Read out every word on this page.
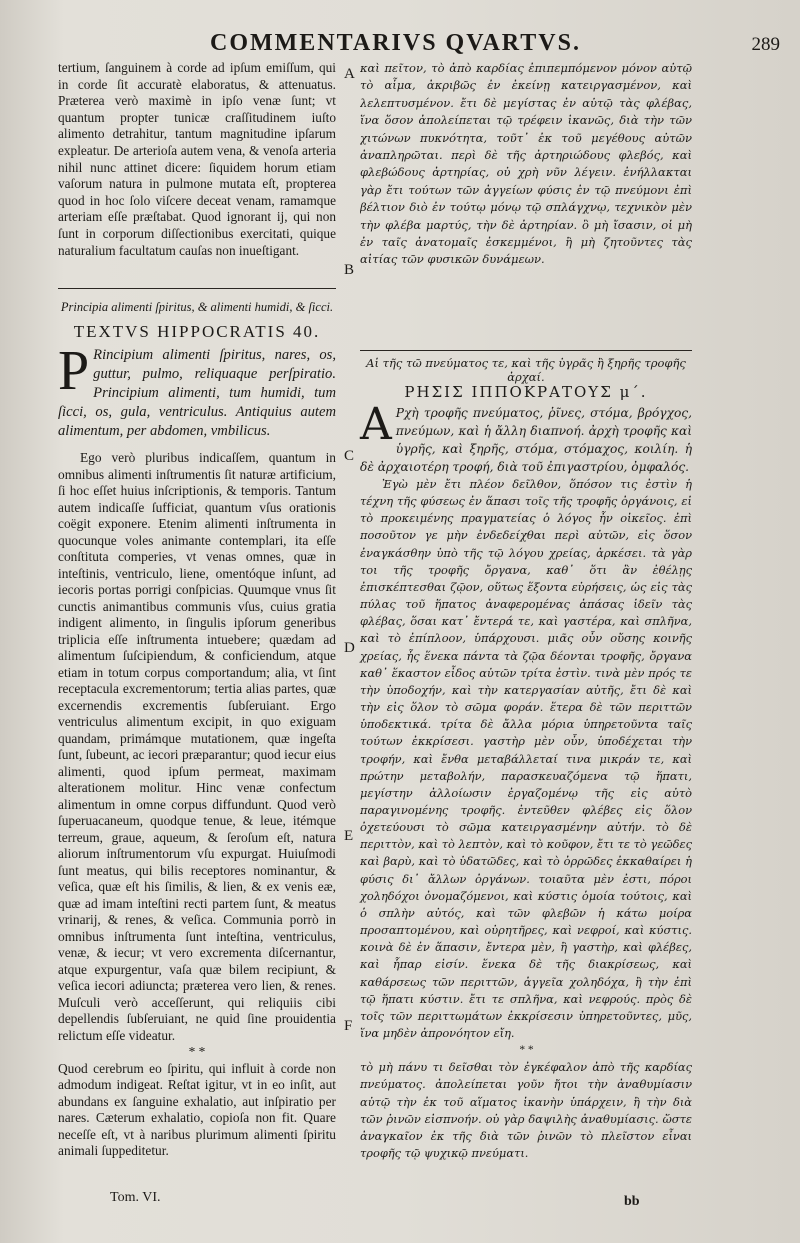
COMMENTARIVS QVARTVS.	289

tertium, ſanguinem à corde ad ipſum emiſſum, qui in corde ſit accuratè elaboratus, & attenuatus. Præterea verò maximè in ipſo venæ ſunt; vt quantum propter tunicæ craſſitudinem iuſto alimento detrahitur, tantum magnitudine ipſarum expleatur. De arterioſa autem vena, & venoſa arteria nihil nunc attinet dicere: ſiquidem horum etiam vaſorum natura in pulmone mutata eſt, propterea quod in hoc ſolo viſcere deceat venam, ramamque arteriam eſſe præſtabat. Quod ignorant ij, qui non ſunt in corporum diſſectionibus exercitati, quique naturalium facultatum cauſas non inueſtigant.

Principia alimenti ſpiritus, & alimenti humidi, & ſicci.
TEXTVS HIPPOCRATIS 40.
P Rincipium alimenti ſpiritus, nares, os, guttur, pulmo, reliquaque perſpiratio. Principium alimenti, tum humidi, tum ſicci, os, gula, ventriculus. Antiquius autem alimentum, per abdomen, vmbilicus.

Ego verò pluribus indicaſſem, quantum in omnibus alimenti inſtrumentis ſit naturæ artificium, ſi hoc eſſet huius inſcriptionis, & temporis. Tantum autem indicaſſe ſufficiat, quantum vſus orationis coëgit exponere. Etenim alimenti inſtrumenta in quocunque voles animante contemplari, ita eſſe conſtituta comperies, vt venas omnes, quæ in inteſtinis, ventriculo, liene, omentóque inſunt, ad iecoris portas porrigi conſpicias. Quumque vnus ſit cunctis animantibus communis vſus, cuius gratia indigent alimento, in ſingulis ipſorum generibus triplicia eſſe inſtrumenta intuebere; quædam ad alimentum ſuſcipiendum, & conficiendum, atque etiam in totum corpus comportandum; alia, vt ſint receptacula excrementorum; tertia alias partes, quæ excernendis excrementis ſubſeruiant. Ergo ventriculus alimentum excipit, in quo exiguam quandam, primámque mutationem, quæ ingeſta ſunt, ſubeunt, ac iecori præparantur; quod iecur eius alimenti, quod ipſum permeat, maximam alterationem molitur. Hinc venæ confectum alimentum in omne corpus diffundunt. Quod verò ſuperuacaneum, quodque tenue, & leue, itémque terreum, graue, aqueum, & ſeroſum eſt, natura aliorum inſtrumentorum vſu expurgat. Huiuſmodi ſunt meatus, qui bilis receptores nominantur, & veſica, quæ eſt his ſimilis, & lien, & ex venis eæ, quæ ad imam inteſtini recti partem ſunt, & meatus vrinarij, & renes, & veſica. Communia porrò in omnibus inſtrumenta ſunt inteſtina, ventriculus, venæ, & iecur; vt vero excrementa diſcernantur, atque expurgentur, vaſa quæ bilem recipiunt, & veſica iecori adiuncta; præterea vero lien, & renes. Muſculi verò acceſſerunt, qui reliquiis cibi depellendis ſubſeruiant, ne quid ſine prouidentia relictum eſſe videatur.

* *

Quod cerebrum eo ſpiritu, qui influit à corde non admodum indigeat. Reſtat igitur, vt in eo inſit, aut abundans ex ſanguine exhalatio, aut inſpiratio per nares. Cæterum exhalatio, copioſa non fit. Quare neceſſe eſt, vt à naribus plurimum alimenti ſpiritu animali ſuppeditetur.

Tom. VI.

καὶ πεῖτον, τὸ ἀπὸ καρδίας ἐπιπεμπόμενον μόνον αὐτῷ τὸ αἷμα, ἀκριβῶς ἐν ἐκείνῃ κατειργασμένον, καὶ λελεπτυσμένον. ἔτι δὲ μεγίστας ἐν αὐτῷ τὰς φλέβας, ἵνα ὅσον ἀπολείπεται τῷ τρέφειν ἱκανῶς, διὰ τὴν τῶν χιτώνων πυκνότητα, τοῦτ᾽ ἐκ τοῦ μεγέθους αὐτῶν ἀναπληρῶται. περὶ δὲ τῆς ἀρτηριώδους φλεβός, καὶ φλεβώδους ἀρτηρίας, οὐ χρὴ νῦν λέγειν. ἐνήλλακται γὰρ ἔτι τούτων τῶν ἀγγείων φύσις ἐν τῷ πνεύμονι ἐπὶ βέλτιον διὸ ἐν τούτῳ μόνῳ τῷ σπλάγχνῳ, τεχνικὸν μὲν τὴν φλέβα μαρτύς, τὴν δὲ ἀρτηρίαν. ὃ μὴ ἴσασιν, οἱ μὴ ἐν ταῖς ἀνατομαῖς ἐσκεμμένοι, ἢ μὴ ζητοῦντες τὰς αἰτίας τῶν φυσικῶν δυνάμεων.

Αἱ τῆς τῶ πνεύματος τε, καὶ τῆς ὑγρᾶς ἢ ξηρῆς τροφῆς ἀρχαί.
ΡΗΣΙΣ ΙΠΠΟΚΡΑΤΟΥΣ μ´.
Α Ρχὴ τροφῆς πνεύματος, ῥῖνες, στόμα, βρόγχος, πνεύμων, καὶ ἡ ἄλλη διαπνοή. ἀρχὴ τροφῆς καὶ ὑγρῆς, καὶ ξηρῆς, στόμα, στόμαχος, κοιλίη. ἡ δὲ ἀρχαιοτέρη τροφή, διὰ τοῦ ἐπιγαστρίου, ὀμφαλός.

Ἐγὼ μὲν ἔτι πλέον δεῖλθον, ὅπόσον τις ἐστὶν ἡ τέχνη τῆς φύσεως ἐν ἅπασι τοῖς τῆς τροφῆς ὀργάνοις, εἰ τὸ προκειμένης πραγματείας ὁ λόγος ἦν οἰκεῖος. ἐπὶ ποσοῦτον γε μὴν ἐνδεδείχθαι περὶ αὐτῶν, εἰς ὅσον ἐναγκάσθην ὑπὸ τῆς τῷ λόγου χρείας, ἀρκέσει. τὰ γὰρ τοι τῆς τροφῆς ὄργανα, καθ᾽ ὅτι ἂν ἐθέλῃς ἐπισκέπτεσθαι ζῷον, οὕτως ἕξοντα εὑρήσεις, ὡς εἰς τὰς πύλας τοῦ ἥπατος ἀναφερομένας ἁπάσας ἰδεῖν τὰς φλέβας, ὅσαι κατ᾽ ἔντερά τε, καὶ γαστέρα, καὶ σπλῆνα, καὶ τὸ ἐπίπλοον, ὑπάρχουσι. μιᾶς οὖν οὔσης κοινῆς χρείας, ἧς ἕνεκα πάντα τὰ ζῷα δέονται τροφῆς, ὄργανα καθ᾽ ἕκαστον εἶδος αὐτῶν τρίτα ἐστὶν. τινὰ μὲν πρός τε τὴν ὑποδοχήν, καὶ τὴν κατεργασίαν αὐτῆς, ἔτι δὲ καὶ τὴν εἰς ὅλον τὸ σῶμα φοράν. ἕτερα δὲ τῶν περιττῶν ὑποδεκτικά. τρίτα δὲ ἄλλα μόρια ὑπηρετοῦντα ταῖς τούτων ἐκκρίσεσι. γαστὴρ μὲν οὖν, ὑποδέχεται τὴν τροφήν, καὶ ἔνθα μεταβάλλεταί τινα μικράν τε, καὶ πρώτην μεταβολήν, παρασκευαζόμενα τῷ ἥπατι, μεγίστην ἀλλοίωσιν ἐργαζομένῳ τῆς εἰς αὐτὸ παραγινομένης τροφῆς. ἐντεῦθεν φλέβες εἰς ὅλον ὀχετεύουσι τὸ σῶμα κατειργασμένην αὐτήν. τὸ δὲ περιττὸν, καὶ τὸ λεπτὸν, καὶ τὸ κοῦφον, ἔτι τε τὸ γεῶδες καὶ βαρὺ, καὶ τὸ ὑδατῶδες, καὶ τὸ ὀρρῶδες ἐκκαθαίρει ἡ φύσις δι᾽ ἄλλων ὀργάνων. τοιαῦτα μὲν ἐστι, πόροι χοληδόχοι ὀνομαζόμενοι, καὶ κύστις ὁμοία τούτοις, καὶ ὁ σπλὴν αὐτός, καὶ τῶν φλεβῶν ἡ κάτω μοίρα προσαπτομένου, καὶ οὐρητῆρες, καὶ νεφροί, καὶ κύστις. κοινὰ δὲ ἐν ἅπασιν, ἔντερα μὲν, ἢ γαστὴρ, καὶ φλέβες, καὶ ἧπαρ εἰσίν. ἕνεκα δὲ τῆς διακρίσεως, καὶ καθάρσεως τῶν περιττῶν, ἀγγεῖα χοληδόχα, ἢ τὴν ἐπὶ τῷ ἥπατι κύστιν. ἔτι τε σπλῆνα, καὶ νεφρούς. πρὸς δὲ τοῖς τῶν περιττωμάτων ἐκκρίσεσιν ὑπηρετοῦντες, μῦς, ἵνα μηδὲν ἀπρονόητον εἴη.

* *

τὸ μὴ πάνυ τι δεῖσθαι τὸν ἐγκέφαλον ἀπὸ τῆς καρδίας πνεύματος. ἀπολείπεται γοῦν ἤτοι τὴν ἀναθυμίασιν αὐτῷ τὴν ἐκ τοῦ αἵματος ἱκανὴν ὑπάρχειν, ἢ τὴν διὰ τῶν ῥινῶν εἰσπνοήν. οὐ γὰρ δαψιλὴς ἀναθυμίασις. ὥστε ἀναγκαῖον ἐκ τῆς διὰ τῶν ῥινῶν τὸ πλεῖστον εἶναι τροφῆς τῷ ψυχικῷ πνεύματι.

bb
A
B
C
D
E
F
